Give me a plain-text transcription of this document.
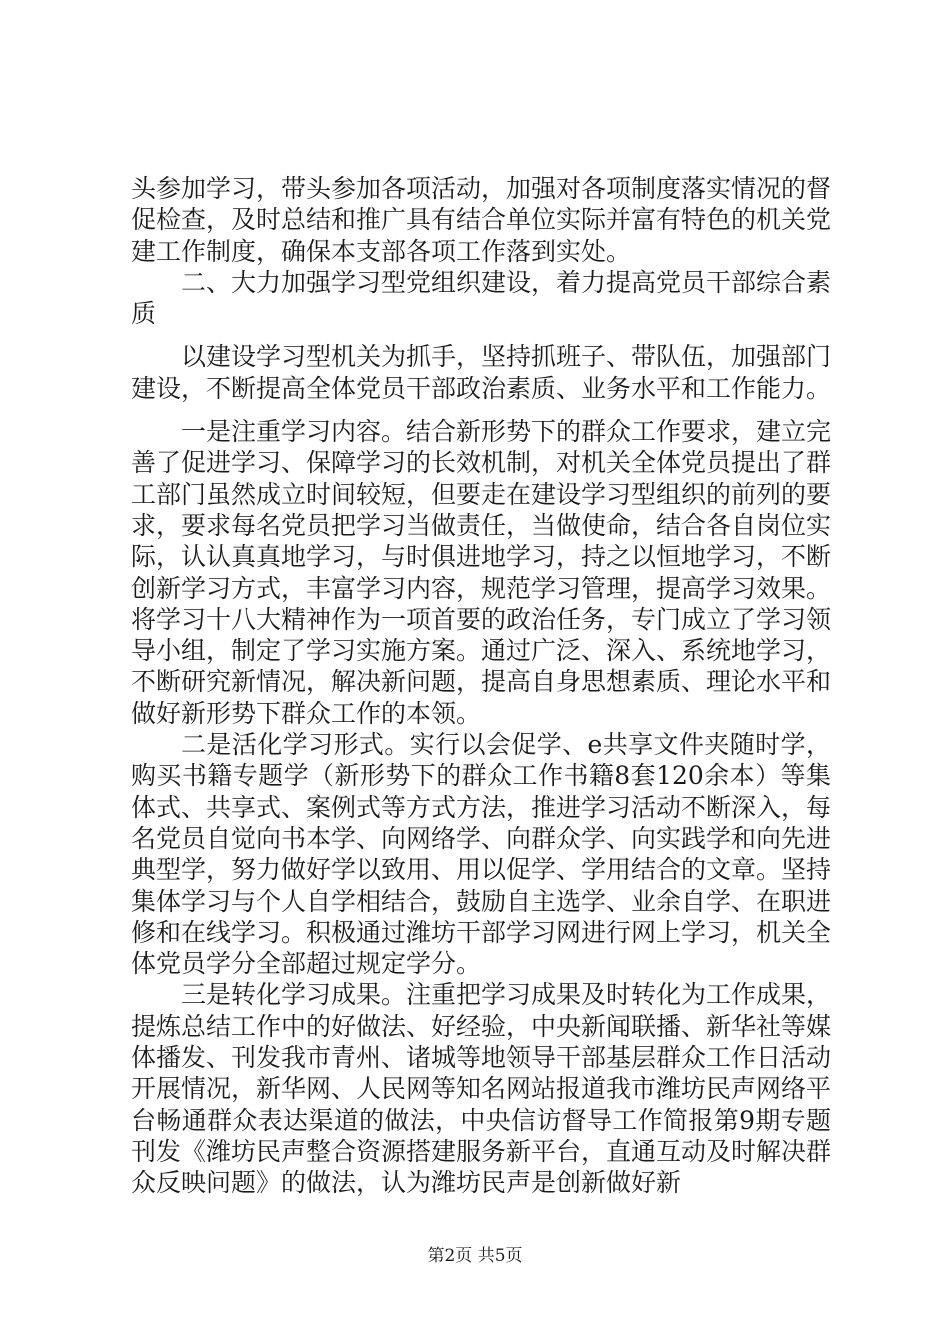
头参加学习，带头参加各项活动，加强对各项制度落实情况的督促检查，及时总结和推广具有结合单位实际并富有特色的机关党建工作制度，确保本支部各项工作落到实处。

二、大力加强学习型党组织建设，着力提高党员干部综合素质

以建设学习型机关为抓手，坚持抓班子、带队伍，加强部门建设，不断提高全体党员干部政治素质、业务水平和工作能力。

一是注重学习内容。结合新形势下的群众工作要求，建立完善了促进学习、保障学习的长效机制，对机关全体党员提出了群工部门虽然成立时间较短，但要走在建设学习型组织的前列的要求，要求每名党员把学习当做责任，当做使命，结合各自岗位实际，认认真真地学习，与时俱进地学习，持之以恒地学习，不断创新学习方式，丰富学习内容，规范学习管理，提高学习效果。将学习十八大精神作为一项首要的政治任务，专门成立了学习领导小组，制定了学习实施方案。通过广泛、深入、系统地学习，不断研究新情况，解决新问题，提高自身思想素质、理论水平和做好新形势下群众工作的本领。

二是活化学习形式。实行以会促学、e共享文件夹随时学，购买书籍专题学（新形势下的群众工作书籍8套120余本）等集体式、共享式、案例式等方式方法，推进学习活动不断深入，每名党员自觉向书本学、向网络学、向群众学、向实践学和向先进典型学，努力做好学以致用、用以促学、学用结合的文章。坚持集体学习与个人自学相结合，鼓励自主选学、业余自学、在职进修和在线学习。积极通过潍坊干部学习网进行网上学习，机关全体党员学分全部超过规定学分。

三是转化学习成果。注重把学习成果及时转化为工作成果，提炼总结工作中的好做法、好经验，中央新闻联播、新华社等媒体播发、刊发我市青州、诸城等地领导干部基层群众工作日活动开展情况，新华网、人民网等知名网站报道我市潍坊民声网络平台畅通群众表达渠道的做法，中央信访督导工作简报第9期专题刊发《潍坊民声整合资源搭建服务新平台，直通互动及时解决群众反映问题》的做法，认为潍坊民声是创新做好新

第2页 共5页
